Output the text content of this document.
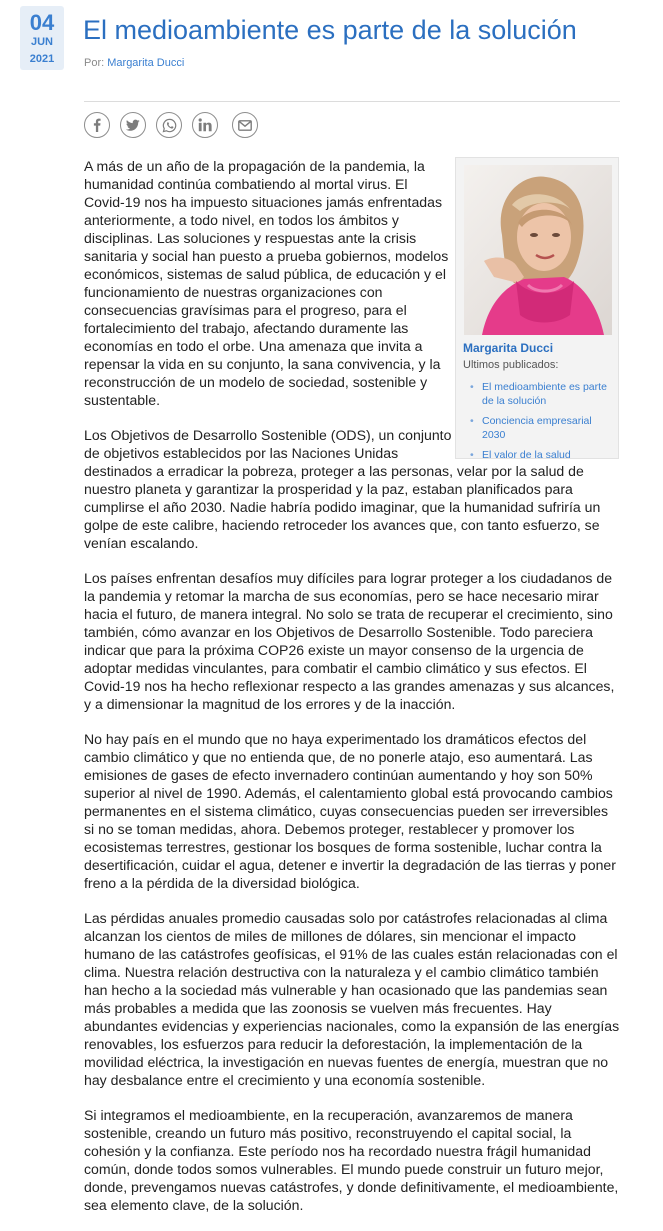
04
JUN
2021
El medioambiente es parte de la solución
Por: Margarita Ducci
Margarita Ducci
Ultimos publicados:
• El medioambiente es parte de la solución
• Conciencia empresarial 2030
• El valor de la salud

A más de un año de la propagación de la pandemia, la humanidad continúa combatiendo al mortal virus. El Covid-19 nos ha impuesto situaciones jamás enfrentadas anteriormente, a todo nivel, en todos los ámbitos y disciplinas. Las soluciones y respuestas ante la crisis sanitaria y social han puesto a prueba gobiernos, modelos económicos, sistemas de salud pública, de educación y el funcionamiento de nuestras organizaciones con consecuencias gravísimas para el progreso, para el fortalecimiento del trabajo, afectando duramente las economías en todo el orbe. Una amenaza que invita a repensar la vida en su conjunto, la sana convivencia, y la reconstrucción de un modelo de sociedad, sostenible y sustentable.

Los Objetivos de Desarrollo Sostenible (ODS), un conjunto de objetivos establecidos por las Naciones Unidas destinados a erradicar la pobreza, proteger a las personas, velar por la salud de nuestro planeta y garantizar la prosperidad y la paz, estaban planificados para cumplirse el año 2030. Nadie habría podido imaginar, que la humanidad sufriría un golpe de este calibre, haciendo retroceder los avances que, con tanto esfuerzo, se venían escalando.

Los países enfrentan desafíos muy difíciles para lograr proteger a los ciudadanos de la pandemia y retomar la marcha de sus economías, pero se hace necesario mirar hacia el futuro, de manera integral. No solo se trata de recuperar el crecimiento, sino también, cómo avanzar en los Objetivos de Desarrollo Sostenible. Todo pareciera indicar que para la próxima COP26 existe un mayor consenso de la urgencia de adoptar medidas vinculantes, para combatir el cambio climático y sus efectos. El Covid-19 nos ha hecho reflexionar respecto a las grandes amenazas y sus alcances, y a dimensionar la magnitud de los errores y de la inacción.

No hay país en el mundo que no haya experimentado los dramáticos efectos del cambio climático y que no entienda que, de no ponerle atajo, eso aumentará. Las emisiones de gases de efecto invernadero continúan aumentando y hoy son 50% superior al nivel de 1990. Además, el calentamiento global está provocando cambios permanentes en el sistema climático, cuyas consecuencias pueden ser irreversibles si no se toman medidas, ahora. Debemos proteger, restablecer y promover los ecosistemas terrestres, gestionar los bosques de forma sostenible, luchar contra la desertificación, cuidar el agua, detener e invertir la degradación de las tierras y poner freno a la pérdida de la diversidad biológica.

Las pérdidas anuales promedio causadas solo por catástrofes relacionadas al clima alcanzan los cientos de miles de millones de dólares, sin mencionar el impacto humano de las catástrofes geofísicas, el 91% de las cuales están relacionadas con el clima. Nuestra relación destructiva con la naturaleza y el cambio climático también han hecho a la sociedad más vulnerable y han ocasionado que las pandemias sean más probables a medida que las zoonosis se vuelven más frecuentes. Hay abundantes evidencias y experiencias nacionales, como la expansión de las energías renovables, los esfuerzos para reducir la deforestación, la implementación de la movilidad eléctrica, la investigación en nuevas fuentes de energía, muestran que no hay desbalance entre el crecimiento y una economía sostenible.

Si integramos el medioambiente, en la recuperación, avanzaremos de manera sostenible, creando un futuro más positivo, reconstruyendo el capital social, la cohesión y la confianza. Este período nos ha recordado nuestra frágil humanidad común, donde todos somos vulnerables. El mundo puede construir un futuro mejor, donde, prevengamos nuevas catástrofes, y donde definitivamente, el medioambiente, sea elemento clave, de la solución.
